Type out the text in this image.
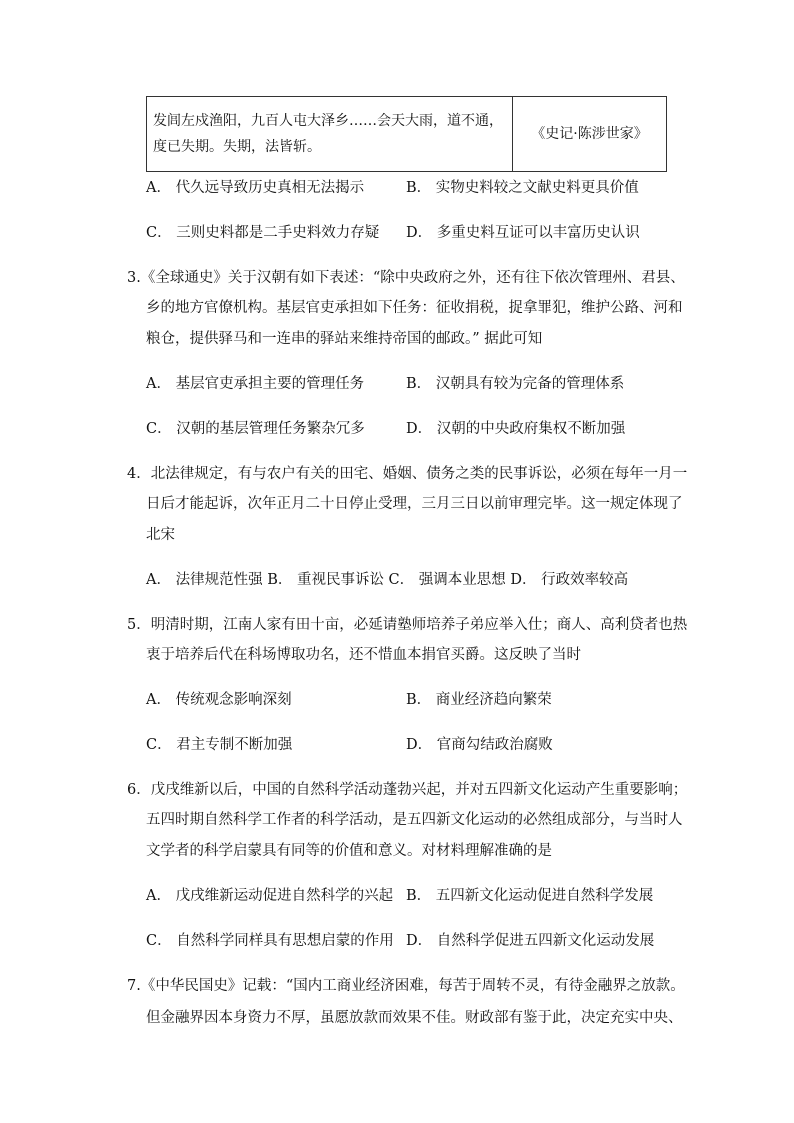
发闾左戍渔阳，九百人屯大泽乡……会天大雨，道不通，
度已失期。失期，法皆斩。
	《史记·陈涉世家》
A． 代久远导致历史真相无法揭示	B． 实物史料较之文献史料更具价值
C． 三则史料都是二手史料效力存疑 D． 多重史料互证可以丰富历史认识
3.《全球通史》关于汉朝有如下表述：“除中央政府之外，还有往下依次管理州、君县、
乡的地方官僚机构。基层官吏承担如下任务：征收捐税，捉拿罪犯，维护公路、河和
粮仓，提供驿马和一连串的驿站来维持帝国的邮政。” 据此可知
A． 基层官吏承担主要的管理任务	B． 汉朝具有较为完备的管理体系
C． 汉朝的基层管理任务繁杂冗多	D． 汉朝的中央政府集权不断加强
4．北法律规定，有与农户有关的田宅、婚姻、债务之类的民事诉讼，必须在每年一月一
日后才能起诉，次年正月二十日停止受理，三月三日以前审理完毕。这一规定体现了
北宋
A． 法律规范性强 B． 重视民事诉讼 C． 强调本业思想 D． 行政效率较高
5．明清时期，江南人家有田十亩，必延请塾师培养子弟应举入仕；商人、高利贷者也热
衷于培养后代在科场博取功名，还不惜血本捐官买爵。这反映了当时
A． 传统观念影响深刻	B． 商业经济趋向繁荣
C． 君主专制不断加强	D． 官商勾结政治腐败
6．戊戌维新以后，中国的自然科学活动蓬勃兴起，并对五四新文化运动产生重要影响；
五四时期自然科学工作者的科学活动，是五四新文化运动的必然组成部分，与当时人
文学者的科学启蒙具有同等的价值和意义。对材料理解准确的是
A． 戊戌维新运动促进自然科学的兴起 B． 五四新文化运动促进自然科学发展
C． 自然科学同样具有思想启蒙的作用 D． 自然科学促进五四新文化运动发展
7.《中华民国史》记载：“国内工商业经济困难，每苦于周转不灵，有待金融界之放款。
但金融界因本身资力不厚，虽愿放款而效果不佳。财政部有鉴于此，决定充实中央、
